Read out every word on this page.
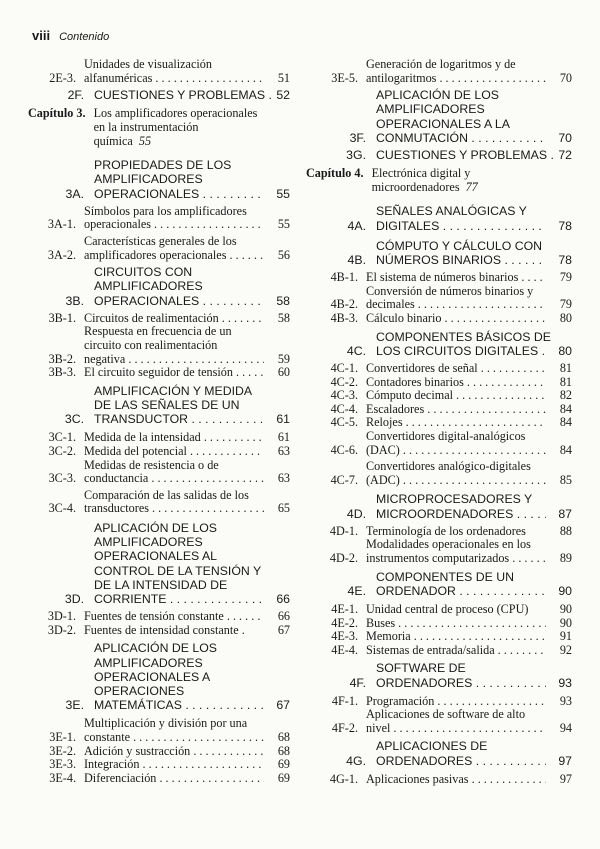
viii Contenido
2E-3.
Unidades de visualización
alfanuméricas . . .	51
2F. CUESTIONES Y PROBLEMAS . 52
Capítulo 3. Los amplificadores operacionales
en la instrumentación
química 55
3A.
PROPIEDADES DE LOS
AMPLIFICADORES
OPERACIONALES . . .	55
3A-1.
Símbolos para los amplificadores
operacionales . . .	55
3A-2.
Características generales de los
amplificadores operacionales . . .	56
3B.
CIRCUITOS CON
AMPLIFICADORES
OPERACIONALES . . .	58
3B-1. Circuitos de realimentación . . .	58
3B-2.
Respuesta en frecuencia de un
circuito con realimentación
negativa . . .	59
3B-3. El circuito seguidor de tensión . . .	60
3C.
AMPLIFICACIÓN Y MEDIDA
DE LAS SEÑALES DE UN
TRANSDUCTOR . . .	61
3C-1. Medida de la intensidad . . .	61
3C-2. Medida del potencial . . .	63
3C-3.
Medidas de resistencia o de
conductancia . . .	63
3C-4.
Comparación de las salidas de los
transductores . . .	65
3D.
APLICACIÓN DE LOS
AMPLIFICADORES
OPERACIONALES AL
CONTROL DE LA TENSIÓN Y
DE LA INTENSIDAD DE
CORRIENTE . . .	66
3D-1. Fuentes de tensión constante . . .	66
3D-2. Fuentes de intensidad constante .	67
3E.
APLICACIÓN DE LOS
AMPLIFICADORES
OPERACIONALES A
OPERACIONES
MATEMÁTICAS . . .	67
3E-1.
Multiplicación y división por una
constante . . .	68
3E-2. Adición y sustracción . . .	68
3E-3. Integración . . .	69
3E-4. Diferenciación . . .	69
3E-5.
Generación de logaritmos y de
antilogaritmos . . .	70
3F.
APLICACIÓN DE LOS
AMPLIFICADORES
OPERACIONALES A LA
CONMUTACIÓN . . .	70
3G. CUESTIONES Y PROBLEMAS . 72
Capítulo 4. Electrónica digital y
microordenadores 77
4A.
SEÑALES ANALÓGICAS Y
DIGITALES . . .	78
4B.
CÓMPUTO Y CÁLCULO CON
NÚMEROS BINARIOS . . .	78
4B-1. El sistema de números binarios . . .	79
4B-2.
Conversión de números binarios y
decimales . . .	79
4B-3. Cálculo binario . . .	80
4C.
COMPONENTES BÁSICOS DE
LOS CIRCUITOS DIGITALES .	80
4C-1. Convertidores de señal . . .	81
4C-2. Contadores binarios . . .	81
4C-3. Cómputo decimal . . .	82
4C-4. Escaladores . . .	84
4C-5. Relojes . . .	84
4C-6.
Convertidores digital-analógicos
(DAC) . . .	84
4C-7.
Convertidores analógico-digitales
(ADC) . . .	85
4D.
MICROPROCESADORES Y
MICROORDENADORES . . .	87
4D-1. Terminología de los ordenadores	88
4D-2.
Modalidades operacionales en los
instrumentos computarizados . . .	89
4E.
COMPONENTES DE UN
ORDENADOR . . .	90
4E-1. Unidad central de proceso (CPU)	90
4E-2. Buses . . .	90
4E-3. Memoria . . .	91
4E-4. Sistemas de entrada/salida . . .	92
4F.
SOFTWARE DE
ORDENADORES . . .	93
4F-1. Programación . . .	93
4F-2.
Aplicaciones de software de alto
nivel . . .	94
4G.
APLICACIONES DE
ORDENADORES . . .	97
4G-1. Aplicaciones pasivas . . .	97
